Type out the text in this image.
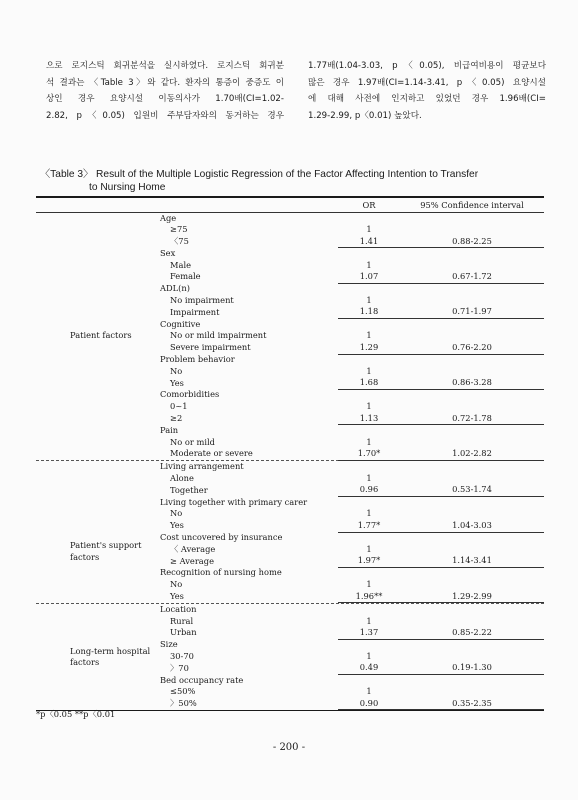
으로 로지스틱 회귀분석을 실시하였다. 로지스틱 회귀분
석 결과는 〈Table 3〉와 같다. 환자의 통증이 중증도 이
상인 경우 요양시설 이동의사가 1.70배(CI=1.02-
2.82, p〈0.05) 입원비 주부담자와의 동거하는 경우
1.77배(1.04-3.03, p〈0.05), 비급여비용이 평균보다
많은 경우 1.97배(CI=1.14-3.41, p〈0.05) 요양시설
에 대해 사전에 인지하고 있었던 경우 1.96배(CI=
1.29-2.99, p〈0.01) 높았다.
〈Table 3〉 Result of the Multiple Logistic Regression of the Factor Affecting Intention to Transfer
to Nursing Home
OR	95% Confidence interval
Patient factors
Age
≥75	1
〈75	1.41	0.88-2.25
Sex
Male	1
Female	1.07	0.67-1.72
ADL(n)
No impairment	1
Impairment	1.18	0.71-1.97
Cognitive
No or mild impairment	1
Severe impairment	1.29	0.76-2.20
Problem behavior
No	1
Yes	1.68	0.86-3.28
Comorbidities
0~1	1
≥2	1.13	0.72-1.78
Pain
No or mild	1
Moderate or severe	1.70*	1.02-2.82
Patient's support factors
Living arrangement
Alone	1
Together	0.96	0.53-1.74
Living together with primary carer
No	1
Yes	1.77*	1.04-3.03
Cost uncovered by insurance
〈 Average	1
≥ Average	1.97*	1.14-3.41
Recognition of nursing home
No	1
Yes	1.96**	1.29-2.99
Long-term hospital factors
Location
Rural	1
Urban	1.37	0.85-2.22
Size
30-70	1
〉70	0.49	0.19-1.30
Bed occupancy rate
≤50%	1
〉50%	0.90	0.35-2.35
*p〈0.05 **p〈0.01
- 200 -
